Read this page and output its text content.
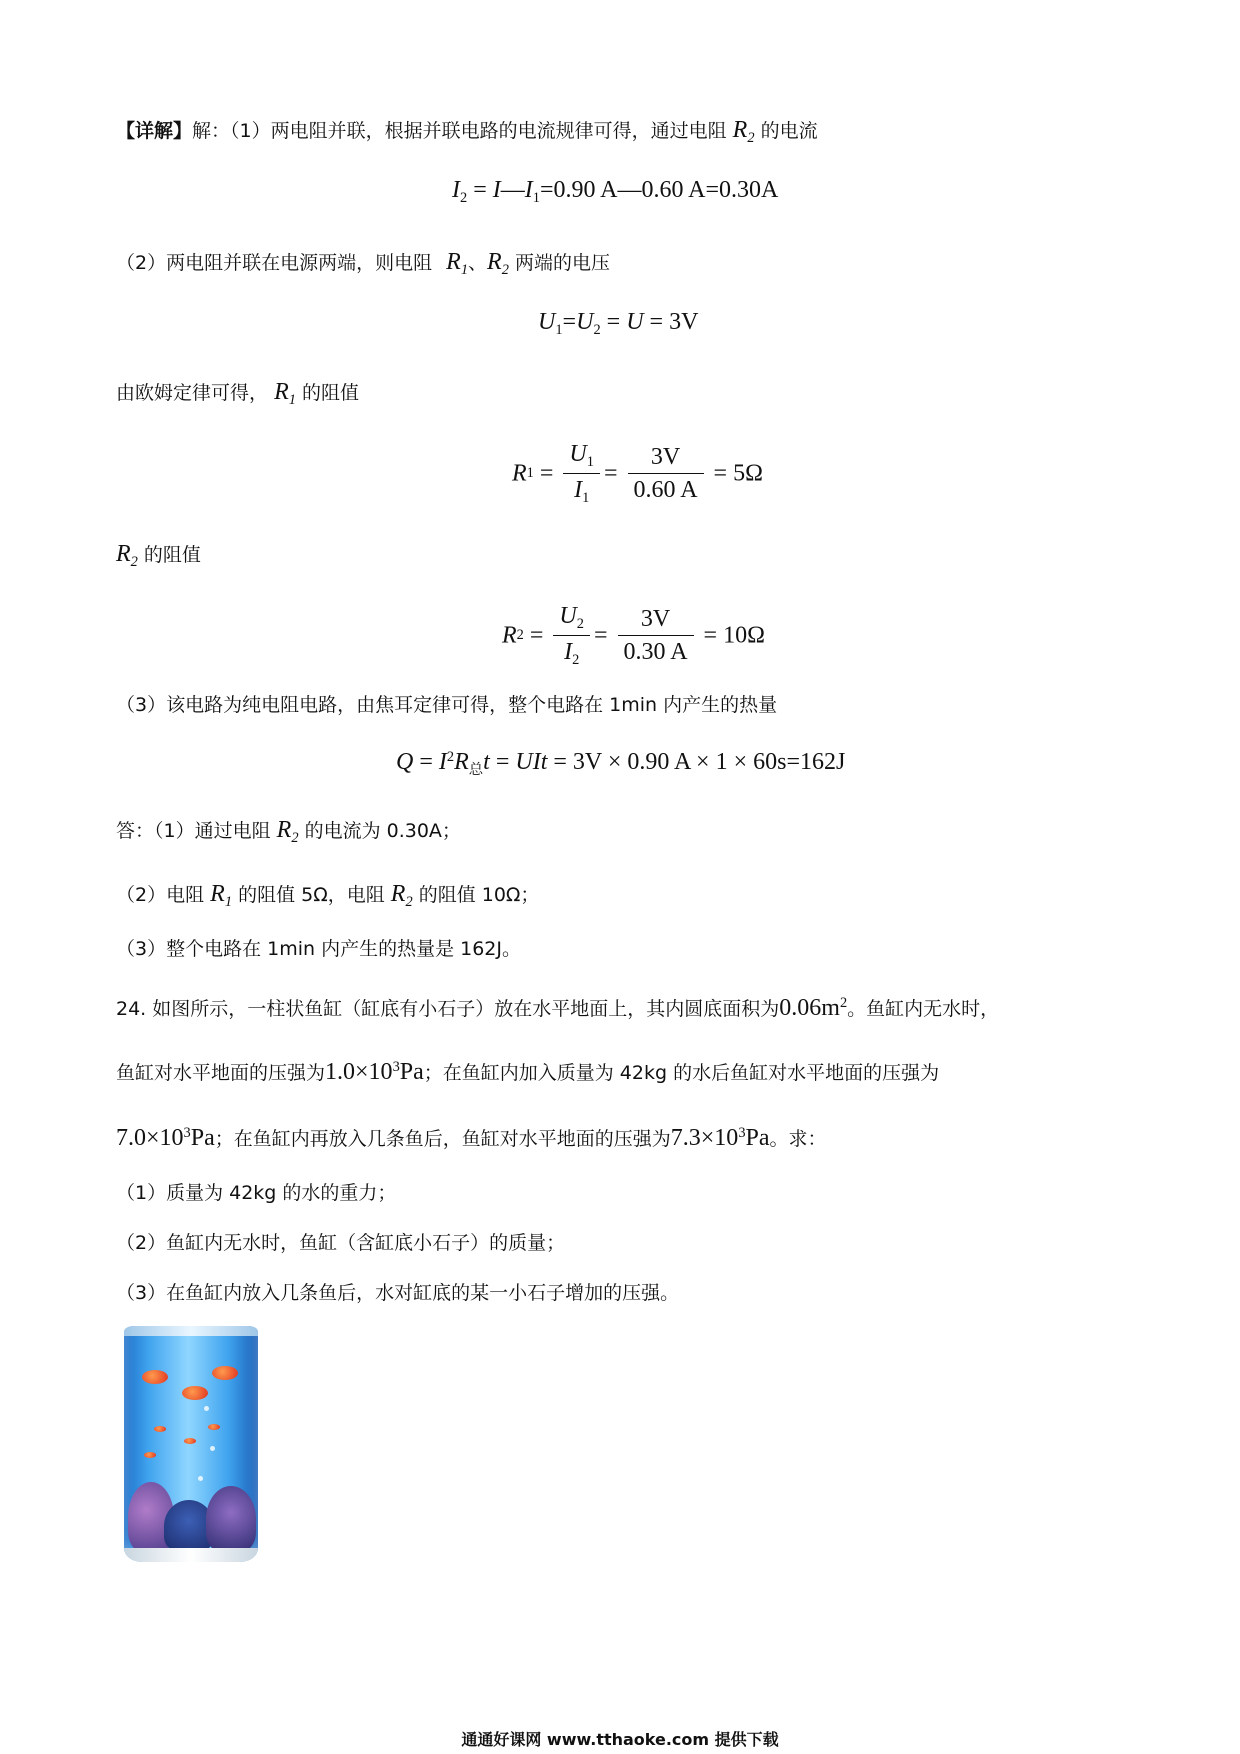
【详解】解：（1）两电阻并联，根据并联电路的电流规律可得，通过电阻 $R_2$ 的电流
$I_2$ = $I—I_1=0.90$ A—0.60 A=0.30A
（2）两电阻并联在电源两端，则电阻 $R_1$、$R_2$ 两端的电压
$U_1=U_2 = U = 3V$
由欧姆定律可得， $R_1$ 的阻值
$R1 = \frac{U_1}{I_1} = \frac{3V}{0.60 A} = 5\Omega$
$R_2$ 的阻值
$R2 = \frac{U_2}{I_2} = \frac{3V}{0.30 A} = 10\Omega$
（3）该电路为纯电阻电路，由焦耳定律可得，整个电路在 1min 内产生的热量
$Q = I^2R_总t$ = UIt = 3V × 0.90 A × 1 × 60s=162J
答：（1）通过电阻 $R_2$ 的电流为 0.30A；
（2）电阻 $R_1$ 的阻值 5Ω，电阻 $R_2$ 的阻值 10Ω；
（3）整个电路在 1min 内产生的热量是 162J。
24. 如图所示，一柱状鱼缸（缸底有小石子）放在水平地面上，其内圆底面积为$0.06m^2$。鱼缸内无水时，
鱼缸对水平地面的压强为$1.0\times 10^3Pa$；在鱼缸内加入质量为 42kg 的水后鱼缸对水平地面的压强为
$7.0\times 10^3Pa$；在鱼缸内再放入几条鱼后，鱼缸对水平地面的压强为$7.3\times 10^3Pa$。求：
（1）质量为 42kg 的水的重力；
（2）鱼缸内无水时，鱼缸（含缸底小石子）的质量；
（3）在鱼缸内放入几条鱼后，水对缸底的某一小石子增加的压强。
通通好课网 www.tthaoke.com 提供下载
